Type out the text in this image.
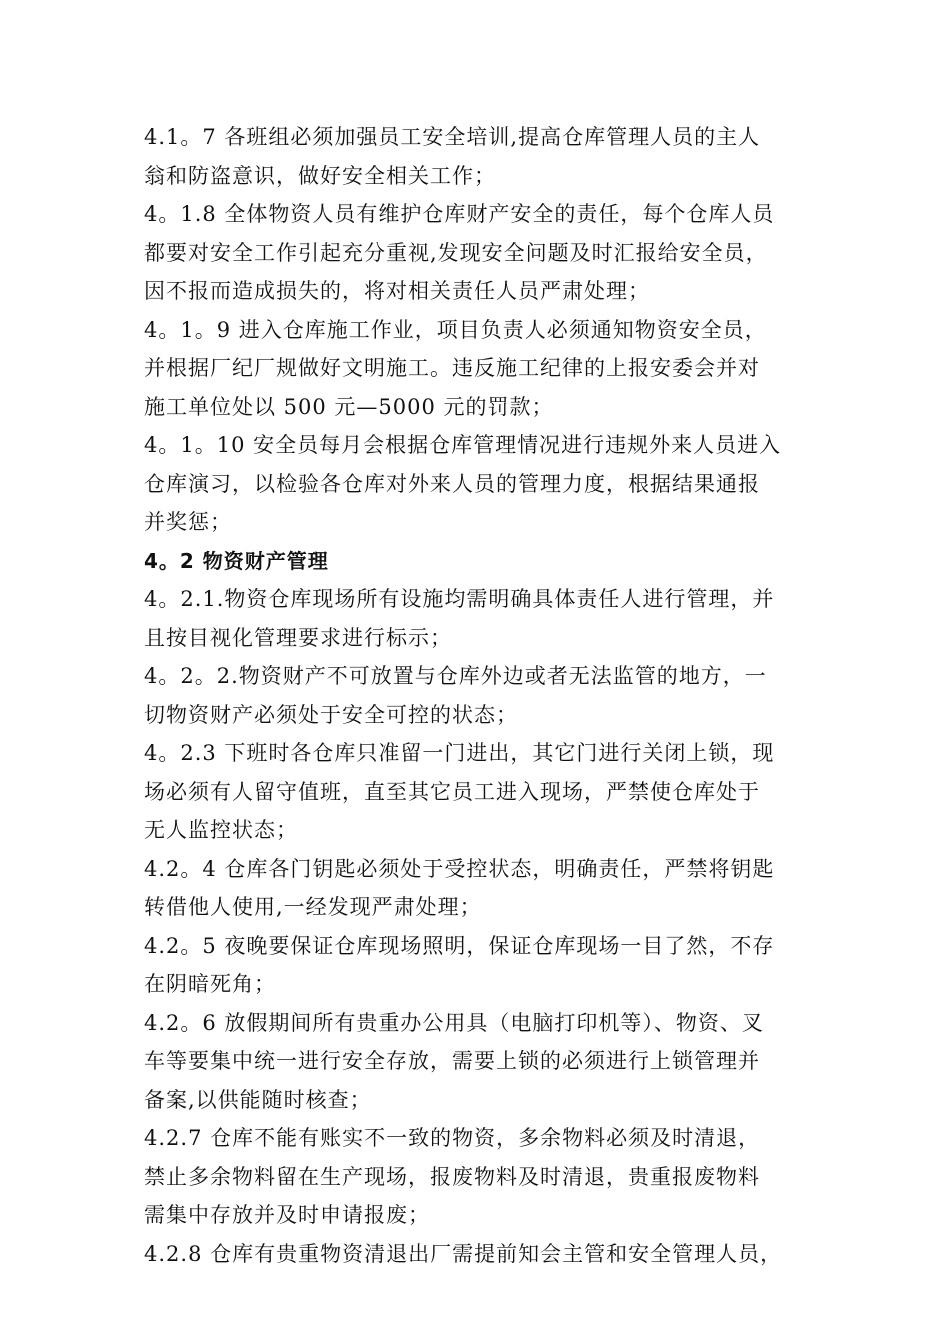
4.1。7 各班组必须加强员工安全培训,提高仓库管理人员的主人
翁和防盗意识，做好安全相关工作；
4。1.8 全体物资人员有维护仓库财产安全的责任，每个仓库人员
都要对安全工作引起充分重视,发现安全问题及时汇报给安全员，
因不报而造成损失的，将对相关责任人员严肃处理；
4。1。9 进入仓库施工作业，项目负责人必须通知物资安全员，
并根据厂纪厂规做好文明施工。违反施工纪律的上报安委会并对
施工单位处以 500 元—5000 元的罚款；
4。1。10 安全员每月会根据仓库管理情况进行违规外来人员进入
仓库演习，以检验各仓库对外来人员的管理力度，根据结果通报
并奖惩；
4。2 物资财产管理
4。2.1.物资仓库现场所有设施均需明确具体责任人进行管理，并
且按目视化管理要求进行标示；
4。2。2.物资财产不可放置与仓库外边或者无法监管的地方，一
切物资财产必须处于安全可控的状态；
4。2.3 下班时各仓库只准留一门进出，其它门进行关闭上锁，现
场必须有人留守值班，直至其它员工进入现场，严禁使仓库处于
无人监控状态；
4.2。4 仓库各门钥匙必须处于受控状态，明确责任，严禁将钥匙
转借他人使用,一经发现严肃处理；
4.2。5 夜晚要保证仓库现场照明，保证仓库现场一目了然，不存
在阴暗死角；
4.2。6 放假期间所有贵重办公用具（电脑打印机等）、物资、叉
车等要集中统一进行安全存放，需要上锁的必须进行上锁管理并
备案,以供能随时核查；
4.2.7 仓库不能有账实不一致的物资，多余物料必须及时清退，
禁止多余物料留在生产现场，报废物料及时清退，贵重报废物料
需集中存放并及时申请报废；
4.2.8 仓库有贵重物资清退出厂需提前知会主管和安全管理人员，
